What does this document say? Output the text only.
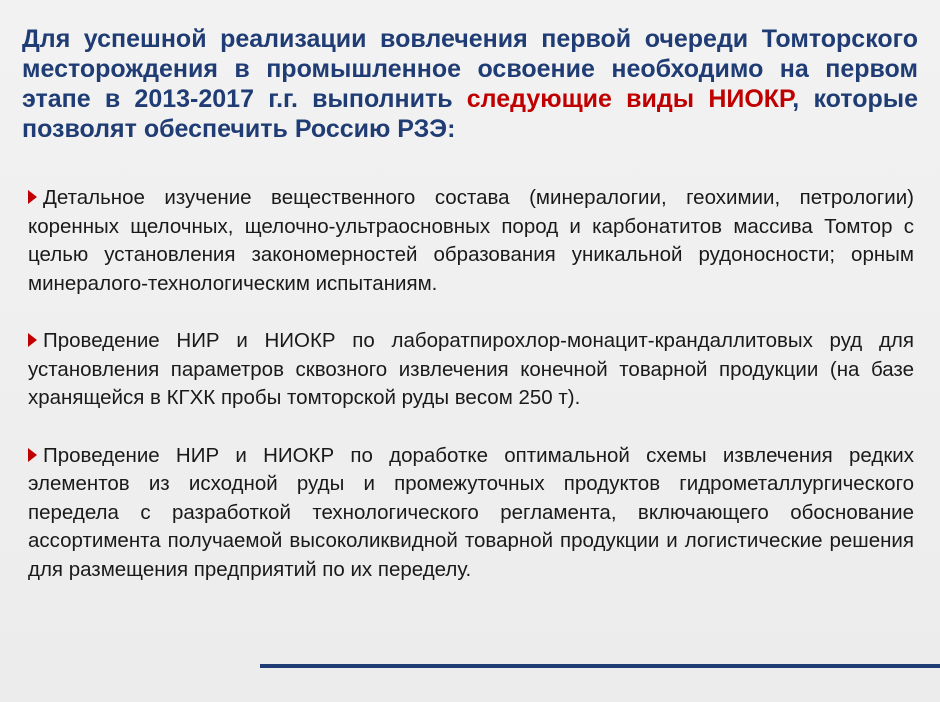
Для успешной реализации вовлечения первой очереди Томторского месторождения в промышленное освоение необходимо на первом этапе в 2013-2017 г.г. выполнить следующие виды НИОКР, которые позволят обеспечить Россию РЗЭ:

Детальное изучение вещественного состава (минералогии, геохимии, петрологии) коренных щелочных, щелочно-ультраосновных пород и карбонатитов массива Томтор с целью установления закономерностей образования уникальной рудоносности; орным минералого-технологическим испытаниям.
Проведение НИР и НИОКР по лаборатпирохлор-монацит-крандаллитовых руд для установления параметров сквозного извлечения конечной товарной продукции (на базе хранящейся в КГХК пробы томторской руды весом 250 т).
Проведение НИР и НИОКР по доработке оптимальной схемы извлечения редких элементов из исходной руды и промежуточных продуктов гидрометаллургического передела с разработкой технологического регламента, включающего обоснование ассортимента получаемой высоколиквидной товарной продукции и логистические решения для размещения предприятий по их переделу.
